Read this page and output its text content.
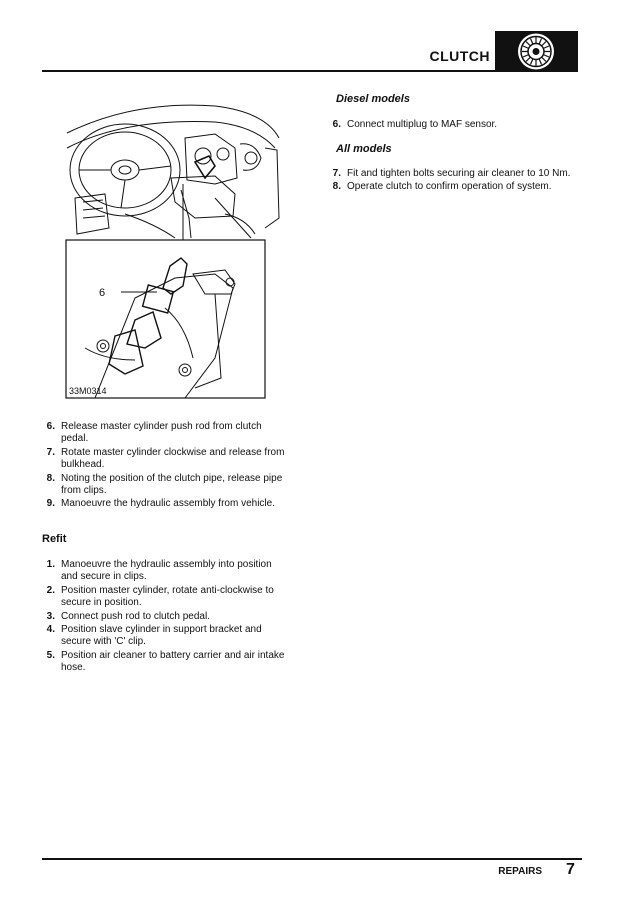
CLUTCH
6
33M0314
6. Release master cylinder push rod from clutch pedal.
7. Rotate master cylinder clockwise and release from bulkhead.
8. Noting the position of the clutch pipe, release pipe from clips.
9. Manoeuvre the hydraulic assembly from vehicle.
Refit
1. Manoeuvre the hydraulic assembly into position and secure in clips.
2. Position master cylinder, rotate anti-clockwise to secure in position.
3. Connect push rod to clutch pedal.
4. Position slave cylinder in support bracket and secure with 'C' clip.
5. Position air cleaner to battery carrier and air intake hose.
Diesel models
6. Connect multiplug to MAF sensor.
All models
7. Fit and tighten bolts securing air cleaner to 10 Nm.
8. Operate clutch to confirm operation of system.
REPAIRS 7
